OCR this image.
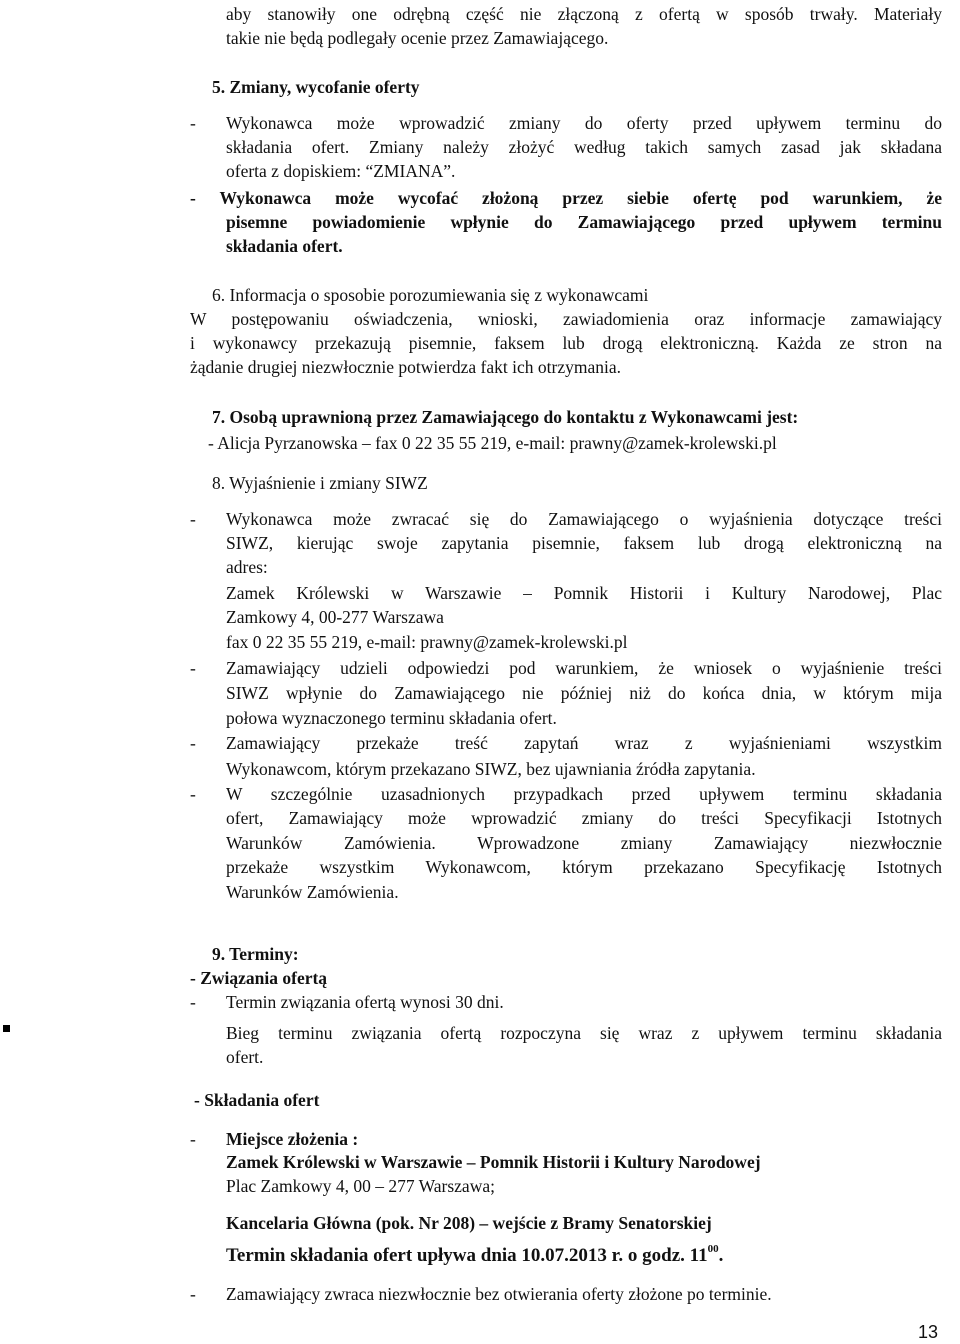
aby stanowiły one odrębną część nie złączoną z ofertą w sposób trwały. Materiały
takie nie będą podlegały ocenie przez Zamawiającego.
5. Zmiany, wycofanie oferty
- Wykonawca może wprowadzić zmiany do oferty przed upływem terminu do
składania ofert. Zmiany należy złożyć według takich samych zasad jak składana
oferta z dopiskiem: “ZMIANA”.
- Wykonawca może wycofać złożoną przez siebie ofertę pod warunkiem, że
pisemne powiadomienie wpłynie do Zamawiającego przed upływem terminu
składania ofert.
6. Informacja o sposobie porozumiewania się z wykonawcami
W postępowaniu oświadczenia, wnioski, zawiadomienia oraz informacje zamawiający
i wykonawcy przekazują pisemnie, faksem lub drogą elektroniczną. Każda ze stron na
żądanie drugiej niezwłocznie potwierdza fakt ich otrzymania.
7. Osobą uprawnioną przez Zamawiającego do kontaktu z Wykonawcami jest:
- Alicja Pyrzanowska – fax 0 22 35 55 219, e-mail: prawny@zamek-krolewski.pl
8. Wyjaśnienie i zmiany SIWZ
- Wykonawca może zwracać się do Zamawiającego o wyjaśnienia dotyczące treści
SIWZ, kierując swoje zapytania pisemnie, faksem lub drogą elektroniczną na
adres:
Zamek Królewski w Warszawie – Pomnik Historii i Kultury Narodowej, Plac
Zamkowy 4, 00-277 Warszawa
fax 0 22 35 55 219, e-mail: prawny@zamek-krolewski.pl
- Zamawiający udzieli odpowiedzi pod warunkiem, że wniosek o wyjaśnienie treści
SIWZ wpłynie do Zamawiającego nie później niż do końca dnia, w którym mija
połowa wyznaczonego terminu składania ofert.
- Zamawiający przekaże treść zapytań wraz z wyjaśnieniami wszystkim
Wykonawcom, którym przekazano SIWZ, bez ujawniania źródła zapytania.
- W szczególnie uzasadnionych przypadkach przed upływem terminu składania
ofert, Zamawiający może wprowadzić zmiany do treści Specyfikacji Istotnych
Warunków Zamówienia. Wprowadzone zmiany Zamawiający niezwłocznie
przekaże wszystkim Wykonawcom, którym przekazano Specyfikację Istotnych
Warunków Zamówienia.
9. Terminy:
- Związania ofertą
- Termin związania ofertą wynosi 30 dni.
Bieg terminu związania ofertą rozpoczyna się wraz z upływem terminu składania
ofert.
- Składania ofert
- Miejsce złożenia :
Zamek Królewski w Warszawie – Pomnik Historii i Kultury Narodowej
Plac Zamkowy 4, 00 – 277 Warszawa;
Kancelaria Główna (pok. Nr 208) – wejście z Bramy Senatorskiej
Termin składania ofert upływa dnia 10.07.2013 r. o godz. $11^{00}$.
- Zamawiający zwraca niezwłocznie bez otwierania oferty złożone po terminie.
13
